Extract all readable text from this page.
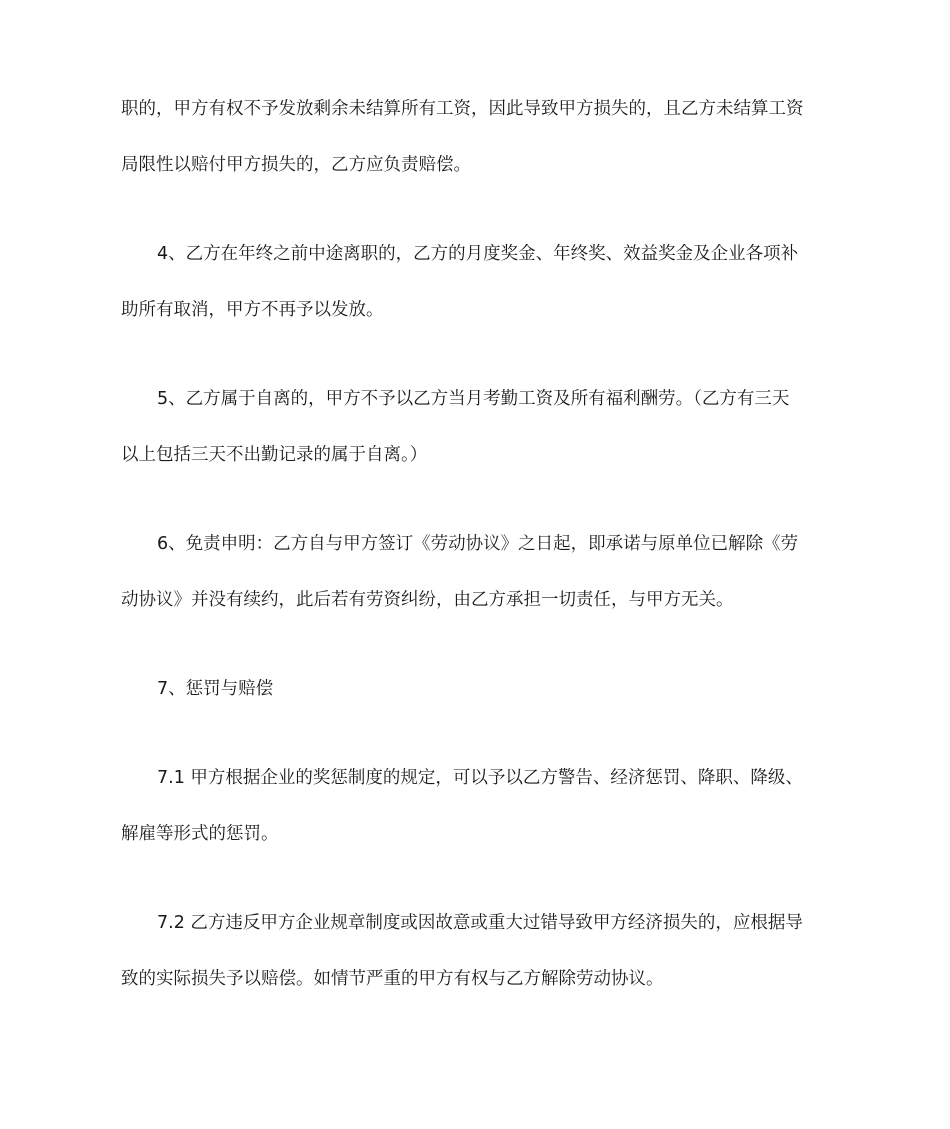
职的，甲方有权不予发放剩余未结算所有工资，因此导致甲方损失的，且乙方未结算工资
局限性以赔付甲方损失的，乙方应负责赔偿。
4、乙方在年终之前中途离职的，乙方的月度奖金、年终奖、效益奖金及企业各项补
助所有取消，甲方不再予以发放。
5、乙方属于自离的，甲方不予以乙方当月考勤工资及所有福利酬劳。（乙方有三天
以上包括三天不出勤记录的属于自离。）
6、免责申明：乙方自与甲方签订《劳动协议》之日起，即承诺与原单位已解除《劳
动协议》并没有续约，此后若有劳资纠纷，由乙方承担一切责任，与甲方无关。
7、惩罚与赔偿
7.1 甲方根据企业的奖惩制度的规定，可以予以乙方警告、经济惩罚、降职、降级、
解雇等形式的惩罚。
7.2 乙方违反甲方企业规章制度或因故意或重大过错导致甲方经济损失的，应根据导
致的实际损失予以赔偿。如情节严重的甲方有权与乙方解除劳动协议。
